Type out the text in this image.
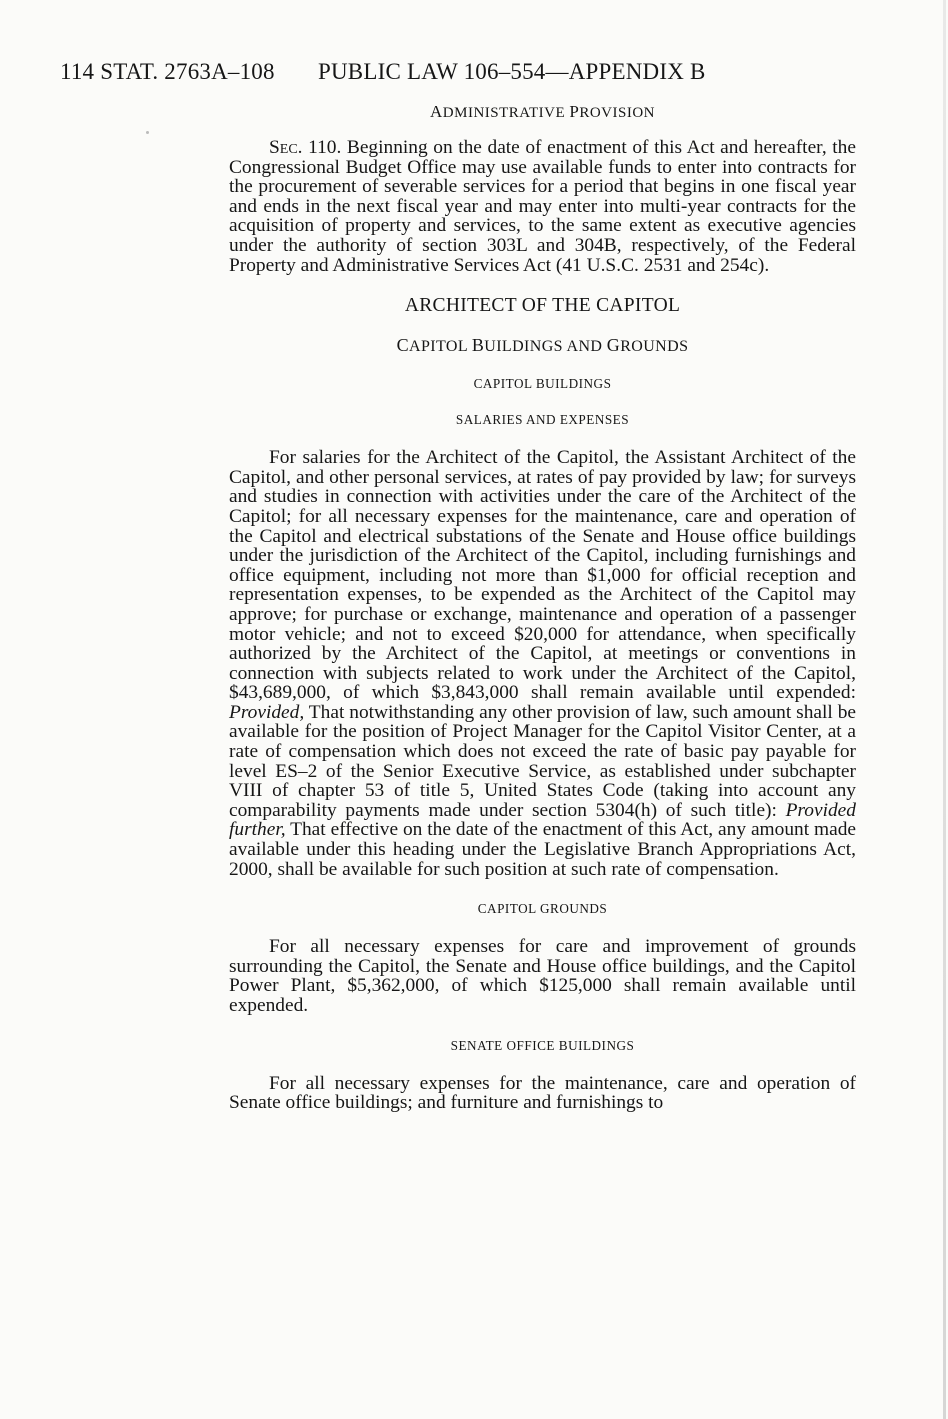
114 STAT. 2763A–108 PUBLIC LAW 106–554—APPENDIX B
ADMINISTRATIVE PROVISION

Sec. 110. Beginning on the date of enactment of this Act and hereafter, the Congressional Budget Office may use available funds to enter into contracts for the procurement of severable services for a period that begins in one fiscal year and ends in the next fiscal year and may enter into multi-year contracts for the acquisition of property and services, to the same extent as executive agencies under the authority of section 303L and 304B, respectively, of the Federal Property and Administrative Services Act (41 U.S.C. 2531 and 254c).

ARCHITECT OF THE CAPITOL
CAPITOL BUILDINGS AND GROUNDS
CAPITOL BUILDINGS
SALARIES AND EXPENSES

For salaries for the Architect of the Capitol, the Assistant Architect of the Capitol, and other personal services, at rates of pay provided by law; for surveys and studies in connection with activities under the care of the Architect of the Capitol; for all necessary expenses for the maintenance, care and operation of the Capitol and electrical substations of the Senate and House office buildings under the jurisdiction of the Architect of the Capitol, including furnishings and office equipment, including not more than $1,000 for official reception and representation expenses, to be expended as the Architect of the Capitol may approve; for purchase or exchange, maintenance and operation of a passenger motor vehicle; and not to exceed $20,000 for attendance, when specifically authorized by the Architect of the Capitol, at meetings or conventions in connection with subjects related to work under the Architect of the Capitol, $43,689,000, of which $3,843,000 shall remain available until expended: Provided, That notwithstanding any other provision of law, such amount shall be available for the position of Project Manager for the Capitol Visitor Center, at a rate of compensation which does not exceed the rate of basic pay payable for level ES–2 of the Senior Executive Service, as established under subchapter VIII of chapter 53 of title 5, United States Code (taking into account any comparability payments made under section 5304(h) of such title): Provided further, That effective on the date of the enactment of this Act, any amount made available under this heading under the Legislative Branch Appropriations Act, 2000, shall be available for such position at such rate of compensation.

CAPITOL GROUNDS

For all necessary expenses for care and improvement of grounds surrounding the Capitol, the Senate and House office buildings, and the Capitol Power Plant, $5,362,000, of which $125,000 shall remain available until expended.

SENATE OFFICE BUILDINGS

For all necessary expenses for the maintenance, care and operation of Senate office buildings; and furniture and furnishings to
